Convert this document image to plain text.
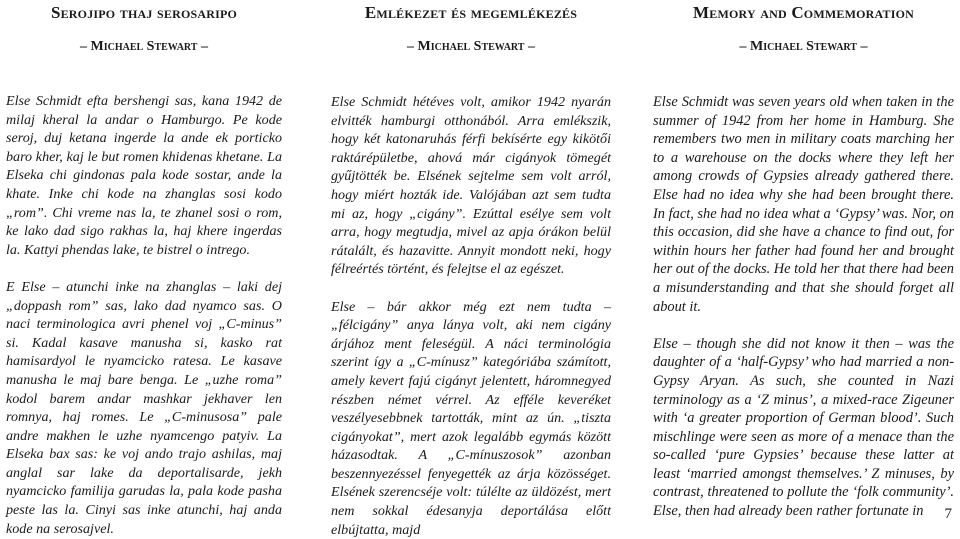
Serojipo thaj serosaripo
– Michael Stewart –

Else Schmidt efta bershengi sas, kana 1942 de milaj kheral la andar o Hamburgo. Pe kode seroj, duj ketana ingerde la ande ek porticko baro kher, kaj le but romen khidenas khetane. La Elseka chi gindonas pala kode sostar, ande la khate. Inke chi kode na zhanglas sosi kodo „rom”. Chi vreme nas la, te zhanel sosi o rom, ke lako dad sigo rakhas la, haj khere ingerdas la. Kattyi phendas lake, te bistrel o intrego.

E Else – atunchi inke na zhanglas – laki dej „doppash rom” sas, lako dad nyamco sas. O naci terminologica avri phenel voj „C-minus” si. Kadal kasave manusha si, kasko rat hamisardyol le nyamcicko ratesa. Le kasave manusha le maj bare benga. Le „uzhe roma” kodol barem andar mashkar jekhaver len romnya, haj romes. Le „C-minusosa” pale andre makhen le uzhe nyamcengo patyiv. La Elseka bax sas: ke voj ando trajo ashilas, maj anglal sar lake da deportalisarde, jekh nyamcicko familija garudas la, pala kode pasha peste las la. Cinyi sas inke atunchi, haj anda kode na serosajvel.

Emlékezet és megemlékezés
– Michael Stewart –

Else Schmidt hétéves volt, amikor 1942 nyarán elvitték hamburgi otthonából. Arra emlékszik, hogy két katonaruhás férfi bekísérte egy kikötői raktárépületbe, ahová már cigányok tömegét gyűjtötték be. Elsének sejtelme sem volt arról, hogy miért hozták ide. Valójában azt sem tudta mi az, hogy „cigány”. Ezúttal esélye sem volt arra, hogy megtudja, mivel az apja órákon belül rátalált, és hazavitte. Annyit mondott neki, hogy félreértés történt, és felejtse el az egészet.

Else – bár akkor még ezt nem tudta – „félcigány” anya lánya volt, aki nem cigány árjához ment feleségül. A náci terminológia szerint így a „C-mínusz” kategóriába számított, amely kevert fajú cigányt jelentett, háromnegyed részben német vérrel. Az efféle keveréket veszélyesebbnek tartották, mint az ún. „tiszta cigányokat”, mert azok legalább egymás között házasodtak. A „C-mínuszosok” azonban beszennyezéssel fenyegették az árja közösséget. Elsének szerencséje volt: túlélte az üldözést, mert nem sokkal édesanyja deportálása előtt elbújtatta, majd

Memory and Commemoration
– Michael Stewart –

Else Schmidt was seven years old when taken in the summer of 1942 from her home in Hamburg. She remembers two men in military coats marching her to a warehouse on the docks where they left her among crowds of Gypsies already gathered there. Else had no idea why she had been brought there. In fact, she had no idea what a ‘Gypsy’ was. Nor, on this occasion, did she have a chance to find out, for within hours her father had found her and brought her out of the docks. He told her that there had been a misunderstanding and that she should forget all about it.

Else – though she did not know it then – was the daughter of a ‘half-Gypsy’ who had married a non-Gypsy Aryan. As such, she counted in Nazi terminology as a ‘Z minus’, a mixed-race Zigeuner with ‘a greater proportion of German blood’. Such mischlinge were seen as more of a menace than the so-called ‘pure Gypsies’ because these latter at least ‘married amongst themselves.’ Z minuses, by contrast, threatened to pollute the ‘folk community’. Else, then had already been rather fortunate in	7
